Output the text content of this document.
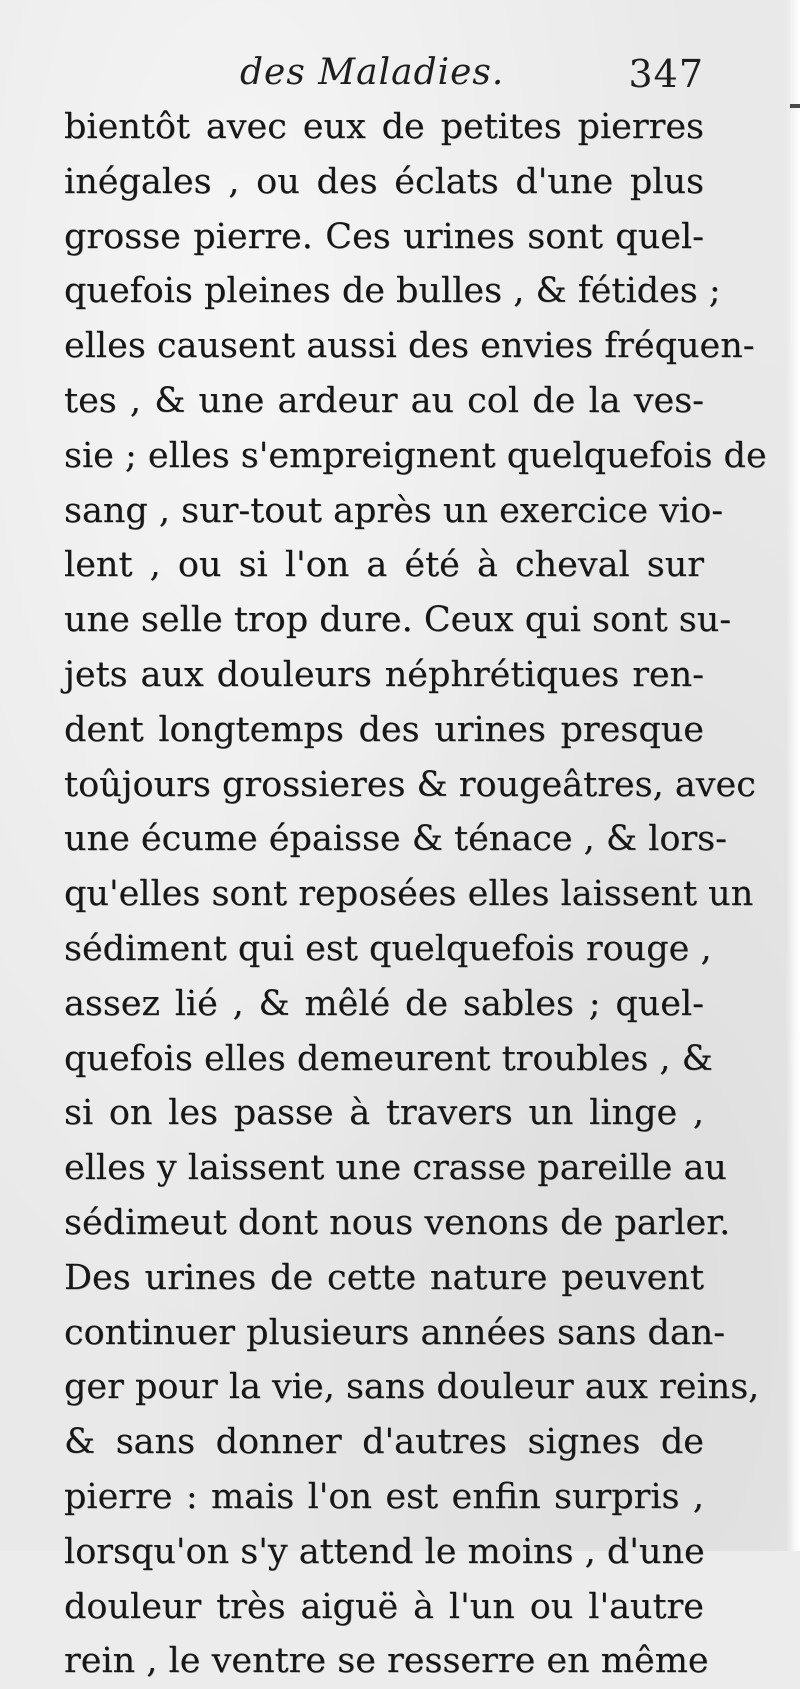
des Maladies.	347
bientôt avec eux de petites pierres
inégales , ou des éclats d'une plus
grosse pierre. Ces urines sont quel-
quefois pleines de bulles , & fétides ;
elles causent aussi des envies fréquen-
tes , & une ardeur au col de la ves-
sie ; elles s'empreignent quelquefois de
sang , sur-tout après un exercice vio-
lent , ou si l'on a été à cheval sur
une selle trop dure. Ceux qui sont su-
jets aux douleurs néphrétiques ren-
dent longtemps des urines presque
toûjours grossieres & rougeâtres, avec
une écume épaisse & ténace , & lors-
qu'elles sont reposées elles laissent un
sédiment qui est quelquefois rouge ,
assez lié , & mêlé de sables ; quel-
quefois elles demeurent troubles , &
si on les passe à travers un linge ,
elles y laissent une crasse pareille au
sédimeut dont nous venons de parler.
Des urines de cette nature peuvent
continuer plusieurs années sans dan-
ger pour la vie, sans douleur aux reins,
& sans donner d'autres signes de
pierre : mais l'on est enfin surpris ,
lorsqu'on s'y attend le moins , d'une
douleur très aiguë à l'un ou l'autre
rein , le ventre se resserre en même
